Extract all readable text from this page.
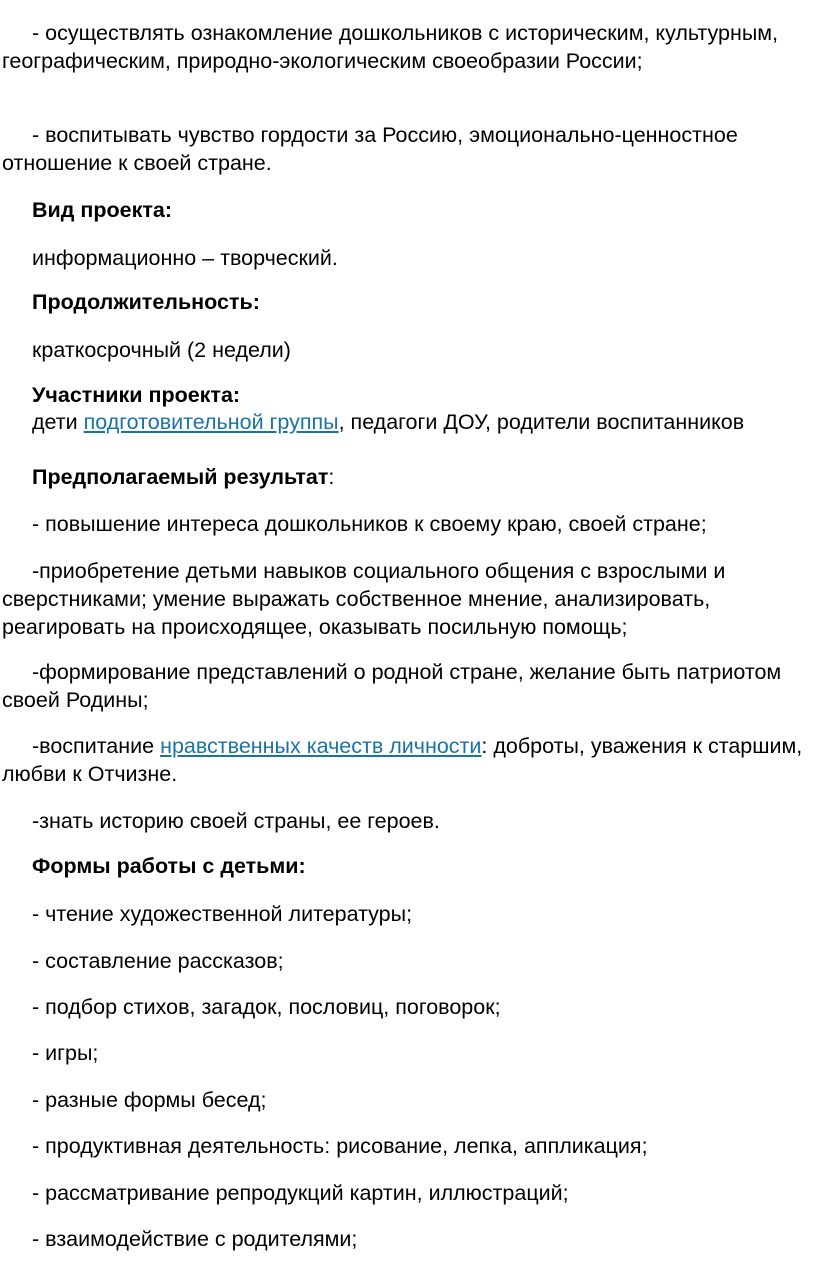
- осуществлять ознакомление дошкольников с историческим, культурным, географическим, природно-экологическим своеобразии России;

- воспитывать чувство гордости за Россию, эмоционально-ценностное отношение к своей стране.

Вид проекта:

информационно – творческий.

Продолжительность:

краткосрочный (2 недели)

Участники проекта:

дети подготовительной группы, педагоги ДОУ, родители воспитанников

Предполагаемый результат:

- повышение интереса дошкольников к своему краю, своей стране;

-приобретение детьми навыков социального общения с взрослыми и сверстниками; умение выражать собственное мнение, анализировать, реагировать на происходящее, оказывать посильную помощь;

-формирование представлений о родной стране, желание быть патриотом своей Родины;

-воспитание нравственных качеств личности: доброты, уважения к старшим, любви к Отчизне.

-знать историю своей страны, ее героев.

Формы работы с детьми:

- чтение художественной литературы;

- составление рассказов;

- подбор стихов, загадок, пословиц, поговорок;

- игры;

- разные формы бесед;

- продуктивная деятельность: рисование, лепка, аппликация;

- рассматривание репродукций картин, иллюстраций;

- взаимодействие с родителями;
